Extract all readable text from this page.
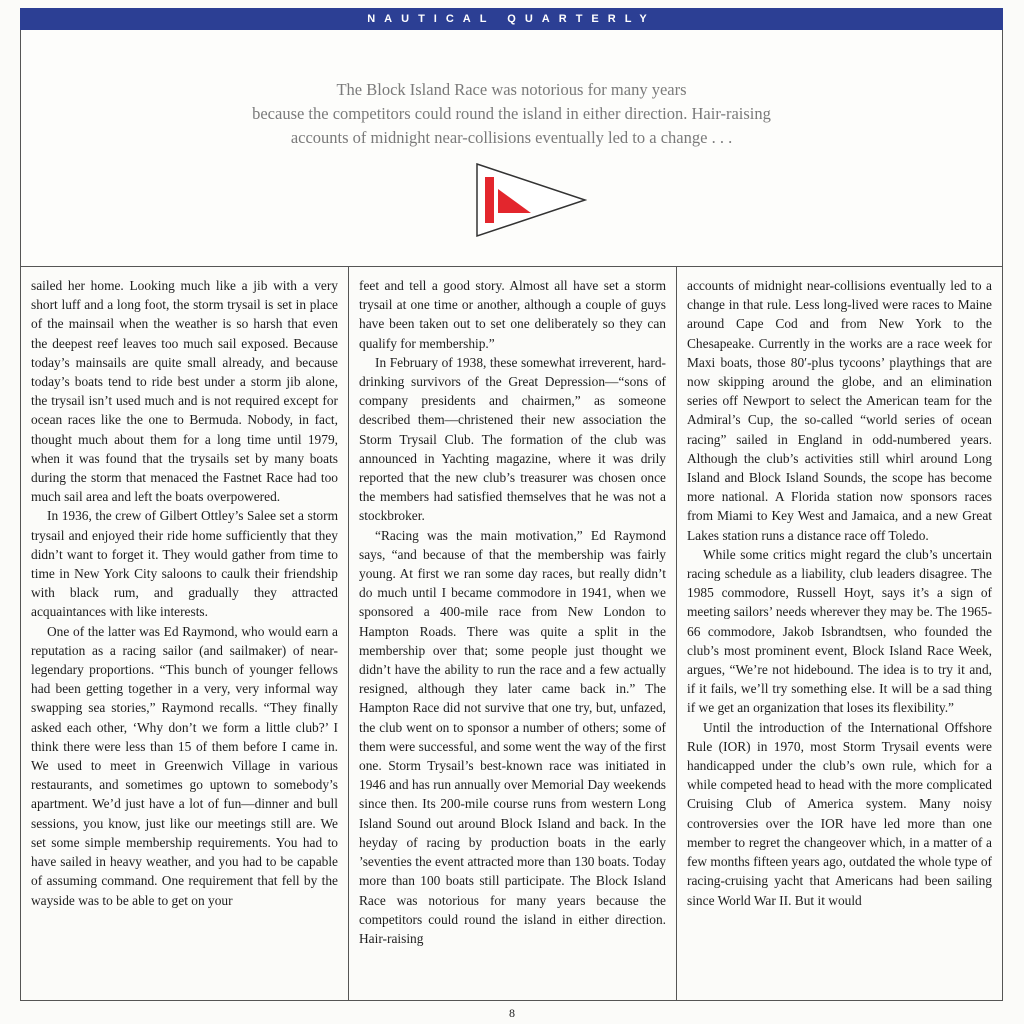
NAUTICAL QUARTERLY
The Block Island Race was notorious for many years
because the competitors could round the island in either direction. Hair-raising
accounts of midnight near-collisions eventually led to a change . . .

sailed her home. Looking much like a jib with a very short luff and a long foot, the storm trysail is set in place of the mainsail when the weather is so harsh that even the deepest reef leaves too much sail exposed. Because today’s mainsails are quite small already, and because today’s boats tend to ride best under a storm jib alone, the trysail isn’t used much and is not required except for ocean races like the one to Bermuda. Nobody, in fact, thought much about them for a long time until 1979, when it was found that the trysails set by many boats during the storm that menaced the Fastnet Race had too much sail area and left the boats overpowered.

In 1936, the crew of Gilbert Ottley’s Salee set a storm trysail and enjoyed their ride home sufficiently that they didn’t want to forget it. They would gather from time to time in New York City saloons to caulk their friendship with black rum, and gradually they attracted acquaintances with like interests.

One of the latter was Ed Raymond, who would earn a reputation as a racing sailor (and sailmaker) of near-legendary proportions. “This bunch of younger fellows had been getting together in a very, very informal way swapping sea stories,” Raymond recalls. “They finally asked each other, ‘Why don’t we form a little club?’ I think there were less than 15 of them before I came in. We used to meet in Greenwich Village in various restaurants, and sometimes go uptown to somebody’s apartment. We’d just have a lot of fun—dinner and bull sessions, you know, just like our meetings still are. We set some simple membership requirements. You had to have sailed in heavy weather, and you had to be capable of assuming command. One requirement that fell by the wayside was to be able to get on your

feet and tell a good story. Almost all have set a storm trysail at one time or another, although a couple of guys have been taken out to set one deliberately so they can qualify for membership.”

In February of 1938, these somewhat irreverent, hard-drinking survivors of the Great Depression—“sons of company presidents and chairmen,” as someone described them—christened their new association the Storm Trysail Club. The formation of the club was announced in Yachting magazine, where it was drily reported that the new club’s treasurer was chosen once the members had satisfied themselves that he was not a stockbroker.

“Racing was the main motivation,” Ed Raymond says, “and because of that the membership was fairly young. At first we ran some day races, but really didn’t do much until I became commodore in 1941, when we sponsored a 400-mile race from New London to Hampton Roads. There was quite a split in the membership over that; some people just thought we didn’t have the ability to run the race and a few actually resigned, although they later came back in.” The Hampton Race did not survive that one try, but, unfazed, the club went on to sponsor a number of others; some of them were successful, and some went the way of the first one. Storm Trysail’s best-known race was initiated in 1946 and has run annually over Memorial Day weekends since then. Its 200-mile course runs from western Long Island Sound out around Block Island and back. In the heyday of racing by production boats in the early ’seventies the event attracted more than 130 boats. Today more than 100 boats still participate. The Block Island Race was notorious for many years because the competitors could round the island in either direction. Hair-raising

accounts of midnight near-collisions eventually led to a change in that rule. Less long-lived were races to Maine around Cape Cod and from New York to the Chesapeake. Currently in the works are a race week for Maxi boats, those 80′-plus tycoons’ playthings that are now skipping around the globe, and an elimination series off Newport to select the American team for the Admiral’s Cup, the so-called “world series of ocean racing” sailed in England in odd-numbered years. Although the club’s activities still whirl around Long Island and Block Island Sounds, the scope has become more national. A Florida station now sponsors races from Miami to Key West and Jamaica, and a new Great Lakes station runs a distance race off Toledo.

While some critics might regard the club’s uncertain racing schedule as a liability, club leaders disagree. The 1985 commodore, Russell Hoyt, says it’s a sign of meeting sailors’ needs wherever they may be. The 1965-66 commodore, Jakob Isbrandtsen, who founded the club’s most prominent event, Block Island Race Week, argues, “We’re not hidebound. The idea is to try it and, if it fails, we’ll try something else. It will be a sad thing if we get an organization that loses its flexibility.”

Until the introduction of the International Offshore Rule (IOR) in 1970, most Storm Trysail events were handicapped under the club’s own rule, which for a while competed head to head with the more complicated Cruising Club of America system. Many noisy controversies over the IOR have led more than one member to regret the changeover which, in a matter of a few months fifteen years ago, outdated the whole type of racing-cruising yacht that Americans had been sailing since World War II. But it would

8
